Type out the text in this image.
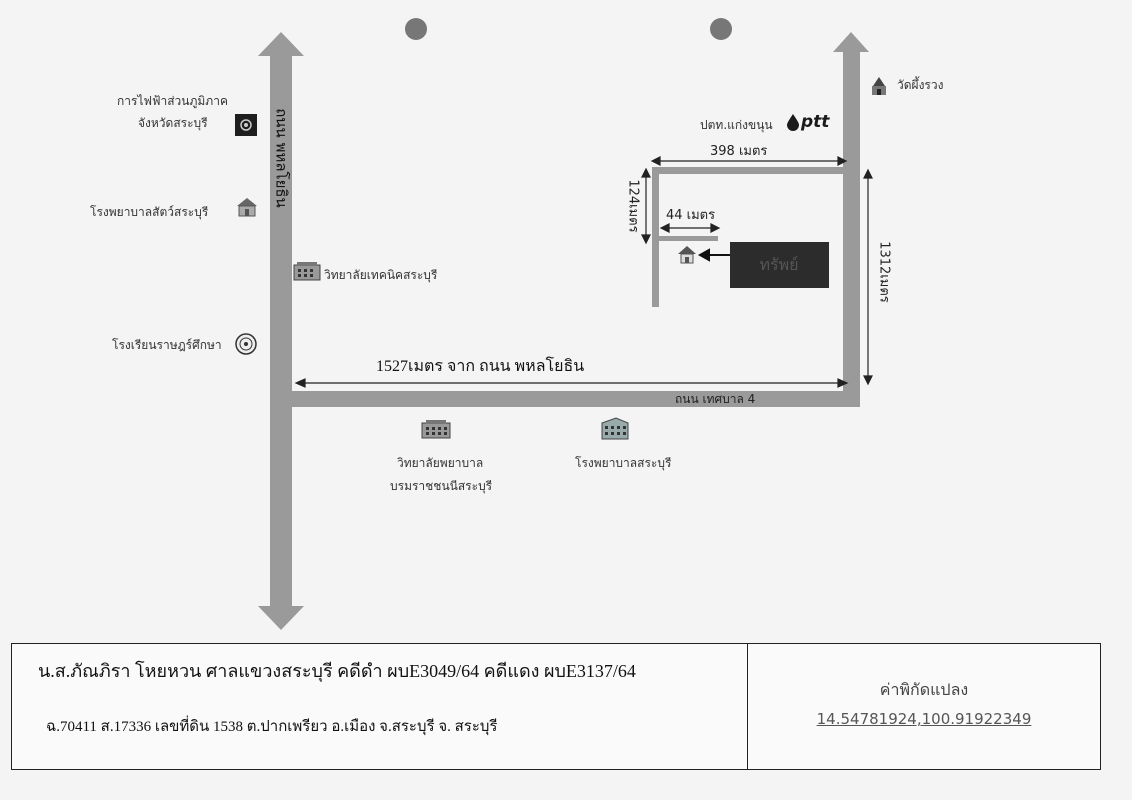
ถนน พหลโยธิน
ถนน เทศบาล 4
1527เมตร จาก ถนน พหลโยธิน
398 เมตร
44 เมตร
124เมตร
1312เมตร
ทรัพย์
การไฟฟ้าส่วนภูมิภาค
จังหวัดสระบุรี
โรงพยาบาลสัตว์สระบุรี
วิทยาลัยเทคนิคสระบุรี
โรงเรียนราษฎร์ศึกษา
วัดผึ้งรวง
ปตท.แก่งขนุน ptt
วิทยาลัยพยาบาล
บรมราชชนนีสระบุรี
โรงพยาบาลสระบุรี
น.ส.ภัณภิรา โหยหวน ศาลแขวงสระบุรี คดีดำ ผบE3049/64 คดีแดง ผบE3137/64
ฉ.70411 ส.17336 เลขที่ดิน 1538 ต.ปากเพรียว อ.เมือง จ.สระบุรี จ. สระบุรี
ค่าพิกัดแปลง
14.54781924,100.91922349
